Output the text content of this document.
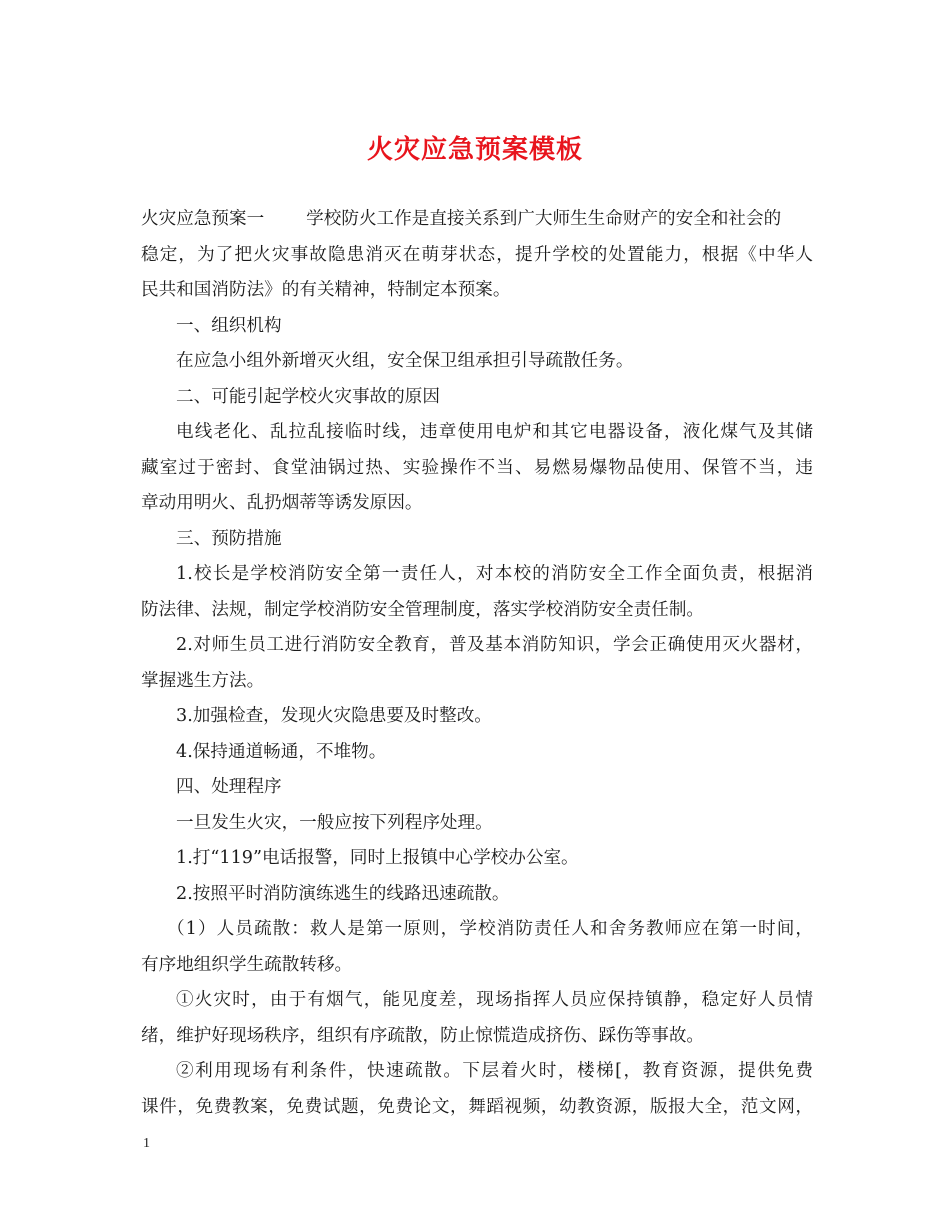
火灾应急预案模板
火灾应急预案一 学校防火工作是直接关系到广大师生生命财产的安全和社会的
稳定，为了把火灾事故隐患消灭在萌芽状态，提升学校的处置能力，根据《中华人
民共和国消防法》的有关精神，特制定本预案。
一、组织机构
在应急小组外新增灭火组，安全保卫组承担引导疏散任务。
二、可能引起学校火灾事故的原因
电线老化、乱拉乱接临时线，违章使用电炉和其它电器设备，液化煤气及其储
藏室过于密封、食堂油锅过热、实验操作不当、易燃易爆物品使用、保管不当，违
章动用明火、乱扔烟蒂等诱发原因。
三、预防措施
1.校长是学校消防安全第一责任人，对本校的消防安全工作全面负责，根据消
防法律、法规，制定学校消防安全管理制度，落实学校消防安全责任制。
2.对师生员工进行消防安全教育，普及基本消防知识，学会正确使用灭火器材，
掌握逃生方法。
3.加强检查，发现火灾隐患要及时整改。
4.保持通道畅通，不堆物。
四、处理程序
一旦发生火灾，一般应按下列程序处理。
1.打“119”电话报警，同时上报镇中心学校办公室。
2.按照平时消防演练逃生的线路迅速疏散。
（1）人员疏散：救人是第一原则，学校消防责任人和舍务教师应在第一时间，
有序地组织学生疏散转移。
①火灾时，由于有烟气，能见度差，现场指挥人员应保持镇静，稳定好人员情
绪，维护好现场秩序，组织有序疏散，防止惊慌造成挤伤、踩伤等事故。
②利用现场有利条件，快速疏散。下层着火时，楼梯[，教育资源，提供免费
课件，免费教案，免费试题，免费论文，舞蹈视频，幼教资源，版报大全，范文网，
1
